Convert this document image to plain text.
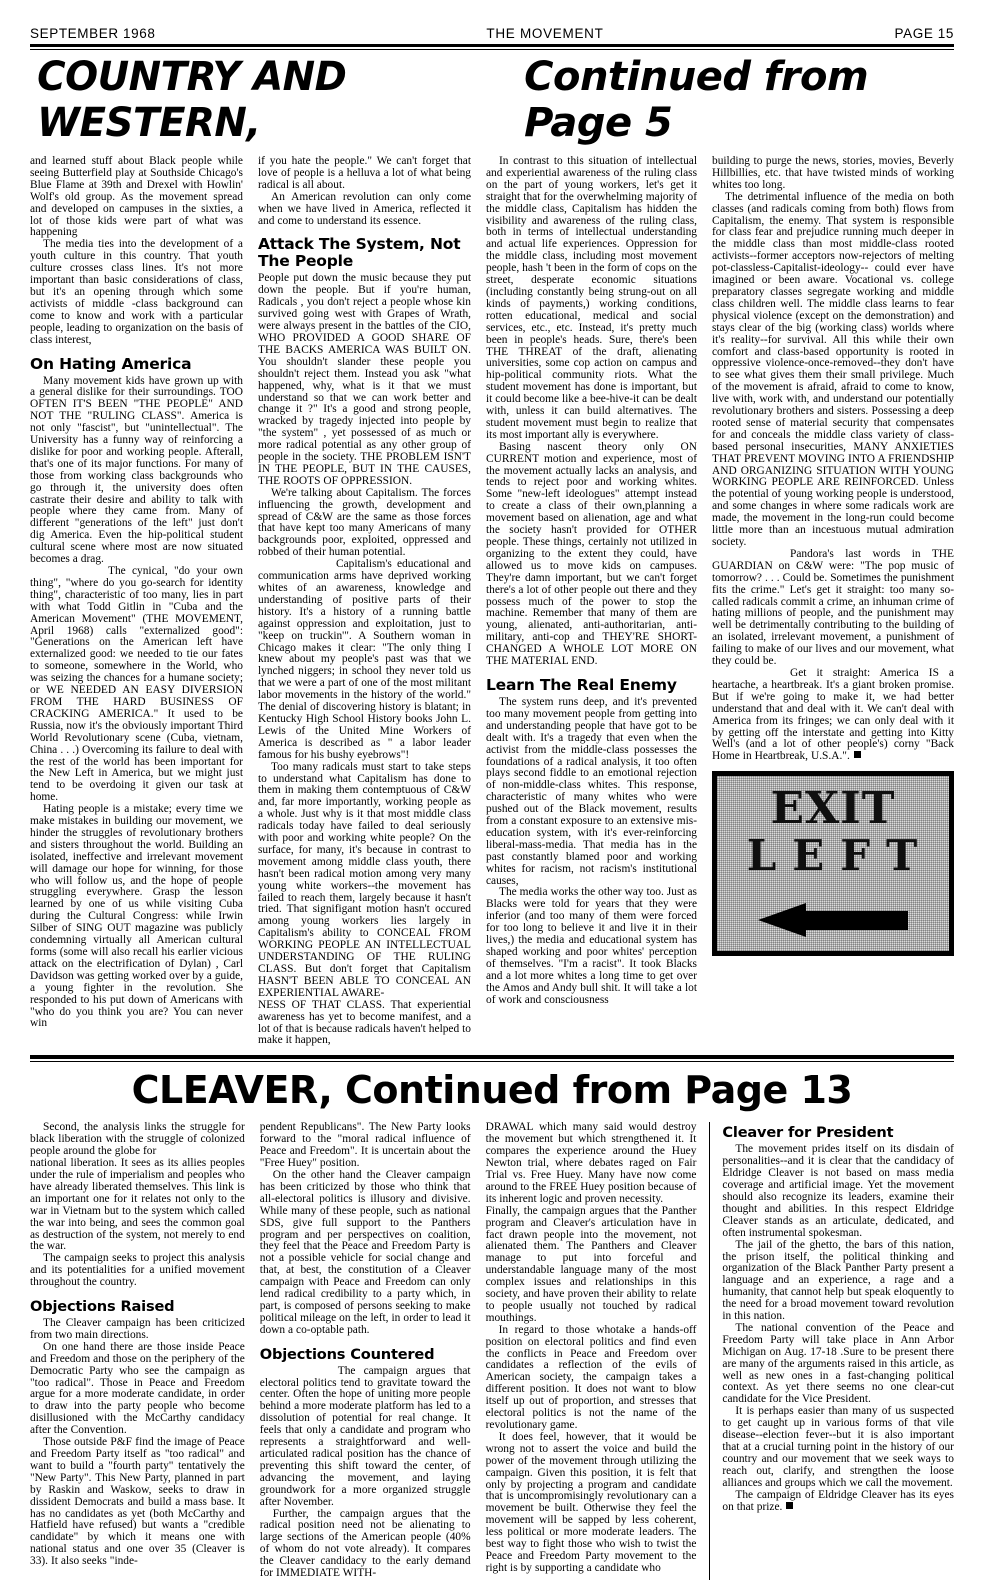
SEPTEMBER 1968	THE MOVEMENT	PAGE 15
COUNTRY AND WESTERN,
Continued from Page 5

and learned stuff about Black people while seeing Butterfield play at Southside Chicago's Blue Flame at 39th and Drexel with Howlin' Wolf's old group. As the movement spread and developed on campuses in the sixties, a lot of those kids were part of what was happening

The media ties into the development of a youth culture in this country. That youth culture crosses class lines. It's not more important than basic considerations of class, but it's an opening through which some activists of middle -class background can come to know and work with a particular people, leading to organization on the basis of class interest,

On Hating America

Many movement kids have grown up with a general dislike for their surroundings. TOO OFTEN IT'S BEEN "THE PEOPLE" AND NOT THE "RULING CLASS". America is not only "fascist", but "unintellectual". The University has a funny way of reinforcing a dislike for poor and working people. Afterall, that's one of its major functions. For many of those from working class backgrounds who go through it, the university does often castrate their desire and ability to talk with people where they came from. Many of different "generations of the left" just don't dig America. Even the hip-political student cultural scene where most are now situated becomes a drag.

The cynical, "do your own thing", "where do you go-search for identity thing", characteristic of too many, lies in part with what Todd Gitlin in "Cuba and the American Movement" (THE MOVEMENT, April 1968) calls "externalized good": "Generations on the American left have externalized good: we needed to tie our fates to someone, somewhere in the World, who was seizing the chances for a humane society; or WE NEEDED AN EASY DIVERSION FROM THE HARD BUSINESS OF CRACKING AMERICA." It used to be Russia, now it's the obviously important Third World Revolutionary scene (Cuba, vietnam, China . . .) Overcoming its failure to deal with the rest of the world has been important for the New Left in America, but we might just tend to be overdoing it given our task at home.

Hating people is a mistake; every time we make mistakes in building our movement, we hinder the struggles of revolutionary brothers and sisters throughout the world. Building an isolated, ineffective and irrelevant movement will damage our hope for winning, for those who will follow us, and the hope of people struggling everywhere. Grasp the lesson learned by one of us while visiting Cuba during the Cultural Congress: while Irwin Silber of SING OUT magazine was publicly condemning virtually all American cultural forms (some will also recall his earlier vicious attack on the electrification of Dylan) , Carl Davidson was getting worked over by a guide, a young fighter in the revolution. She responded to his put down of Americans with "who do you think you are? You can never win

if you hate the people." We can't forget that love of people is a helluva a lot of what being radical is all about.

An American revolution can only come when we have lived in America, reflected it and come to understand its essence.

Attack The System, Not The People

People put down the music because they put down the people. But if you're human, Radicals , you don't reject a people whose kin survived going west with Grapes of Wrath, were always present in the battles of the CIO, WHO PROVIDED A GOOD SHARE OF THE BACKS AMERICA WAS BUILT ON. You shouldn't slander these people you shouldn't reject them. Instead you ask "what happened, why, what is it that we must understand so that we can work better and change it ?" It's a good and strong people, wracked by tragedy injected into people by "the system" , yet possessed of as much or more radical potential as any other group of people in the society. THE PROBLEM ISN'T IN THE PEOPLE, BUT IN THE CAUSES, THE ROOTS OF OPPRESSION.

We're talking about Capitalism. The forces influencing the growth, development and spread of C&W are the same as those forces that have kept too many Americans of many backgrounds poor, exploited, oppressed and robbed of their human potential.

Capitalism's educational and communication arms have deprived working whites of an awareness, knowledge and understanding of positive parts of their history. It's a history of a running battle against oppression and exploitation, just to "keep on truckin'". A Southern woman in Chicago makes it clear: "The only thing I knew about my people's past was that we lynched niggers; in school they never told us that we were a part of one of the most militant labor movements in the history of the world." The denial of discovering history is blatant; in Kentucky High School History books John L. Lewis of the United Mine Workers of America is described as " a labor leader famous for his bushy eyebrows"!

Too many radicals must start to take steps to understand what Capitalism has done to them in making them contemptuous of C&W and, far more importantly, working people as a whole. Just why is it that most middle class radicals today have failed to deal seriously with poor and working white people? On the surface, for many, it's because in contrast to movement among middle class youth, there hasn't been radical motion among very many young white workers--the movement has failed to reach them, largely because it hasn't tried. That signifigant motion hasn't occured among young workers lies largely in Capitalism's ability to CONCEAL FROM WORKING PEOPLE AN INTELLECTUAL UNDERSTANDING OF THE RULING CLASS. But don't forget that Capitalism HASN'T BEEN ABLE TO CONCEAL AN EXPERIENTIAL AWARE-

NESS OF THAT CLASS. That experiential awareness has yet to become manifest, and a lot of that is because radicals haven't helped to make it happen,

In contrast to this situation of intellectual and experiential awareness of the ruling class on the part of young workers, let's get it straight that for the overwhelming majority of the middle class, Capitalism has hidden the visibility and awareness of the ruling class, both in terms of intellectual understanding and actual life experiences. Oppression for the middle class, including most movement people, hash 't been in the form of cops on the street, desperate economic situations (including constantly being strung-out on all kinds of payments,) working conditions, rotten educational, medical and social services, etc., etc. Instead, it's pretty much been in people's heads. Sure, there's been THE THREAT of the draft, alienating universities, some cop action on campus and hip-political community riots. What the student movement has done is important, but it could become like a bee-hive-it can be dealt with, unless it can build alternatives. The student movement must begin to realize that its most important ally is everywhere.

Basing nascent theory only ON CURRENT motion and experience, most of the movement actually lacks an analysis, and tends to reject poor and working whites. Some "new-left ideologues" attempt instead to create a class of their own,planning a movement based on alienation, age and what the society hasn't provided for OTHER people. These things, certainly not utilized in organizing to the extent they could, have allowed us to move kids on campuses. They're damn important, but we can't forget there's a lot of other people out there and they possess much of the power to stop the machine. Remember that many of them are young, alienated, anti-authoritarian, anti-military, anti-cop and THEY'RE SHORT-CHANGED A WHOLE LOT MORE ON THE MATERIAL END.

Learn The Real Enemy

The system runs deep, and it's prevented too many movement people from getting into and understanding people that have got to be dealt with. It's a tragedy that even when the activist from the middle-class possesses the foundations of a radical analysis, it too often plays second fiddle to an emotional rejection of non-middle-class whites. This response, characteristic of many whites who were pushed out of the Black movement, results from a constant exposure to an extensive mis-education system, with it's ever-reinforcing liberal-mass-media. That media has in the past constantly blamed poor and working whites for racism, not racism's institutional causes,

The media works the other way too. Just as Blacks were told for years that they were inferior (and too many of them were forced for too long to believe it and live it in their lives,) the media and educational system has shaped working and poor whites' perception of themselves. "I'm a racist". It took Blacks and a lot more whites a long time to get over the Amos and Andy bull shit. It will take a lot of work and consciousness

building to purge the news, stories, movies, Beverly Hillbillies, etc. that have twisted minds of working whites too long.

The detrimental influence of the media on both classes (and radicals coming from both) flows from Capitalism, the enemy. That system is responsible for class fear and prejudice running much deeper in the middle class than most middle-class rooted activists--former acceptors now-rejectors of melting pot-classless-Capitalist-ideology-- could ever have imagined or been aware. Vocational vs. college preparatory classes segregate working and middle class children well. The middle class learns to fear physical violence (except on the demonstration) and stays clear of the big (working class) worlds where it's reality--for survival. All this while their own comfort and class-based opportunity is rooted in oppressive violence-once-removed--they don't have to see what gives them their small privilege. Much of the movement is afraid, afraid to come to know, live with, work with, and understand our potentially revolutionary brothers and sisters. Possessing a deep rooted sense of material security that compensates for and conceals the middle class variety of class-based personal insecurities, MANY ANXIETIES THAT PREVENT MOVING INTO A FRIENDSHIP AND ORGANIZING SITUATION WITH YOUNG WORKING PEOPLE ARE REINFORCED. Unless the potential of young working people is understood, and some changes in where some radicals work are made, the movement in the long-run could become little more than an incestuous mutual admiration society.

Pandora's last words in THE GUARDIAN on C&W were: "The pop music of tomorrow? . . . Could be. Sometimes the punishment fits the crime." Let's get it straight: too many so-called radicals commit a crime, an inhuman crime of hating millions of people, and the punishment may well be detrimentally contributing to the building of an isolated, irrelevant movement, a punishment of failing to make of our lives and our movement, what they could be.

Get it straight: America IS a heartache, a heartbreak. It's a giant broken promise. But if we're going to make it, we had better understand that and deal with it. We can't deal with America from its fringes; we can only deal with it by getting off the interstate and getting into Kitty Well's (and a lot of other people's) corny "Back Home in Heartbreak, U.S.A.".

EXIT
LEFT
CLEAVER, Continued from Page 13

Second, the analysis links the struggle for black liberation with the struggle of colonized people around the globe for

national liberation. It sees as its allies peoples under the rule of imperialism and peoples who have already liberated themselves. This link is an important one for it relates not only to the war in Vietnam but to the system which called the war into being, and sees the common goal as destruction of the system, not merely to end the war.

The campaign seeks to project this analysis and its potentialities for a unified movement throughout the country.

Objections Raised

The Cleaver campaign has been criticized from two main directions.

On one hand there are those inside Peace and Freedom and those on the periphery of the Democratic Party who see the campaign as "too radical". Those in Peace and Freedom argue for a more moderate candidate, in order to draw into the party people who become disillusioned with the McCarthy candidacy after the Convention.

Those outside P&F find the image of Peace and Freedom Party itself as "too radical" and want to build a "fourth party" tentatively the "New Party". This New Party, planned in part by Raskin and Waskow, seeks to draw in dissident Democrats and build a mass base. It has no candidates as yet (both McCarthy and Hatfield have refused) but wants a "credible candidate" by which it means one with national status and one over 35 (Cleaver is 33). It also seeks "inde-

pendent Republicans". The New Party looks forward to the "moral radical influence of Peace and Freedom". It is uncertain about the "Free Huey" position.

On the other hand the Cleaver campaign has been criticized by those who think that all-electoral politics is illusory and divisive. While many of these people, such as national SDS, give full support to the Panthers program and per perspectives on coalition, they feel that the Peace and Freedom Party is not a possible vehicle for social change and that, at best, the constitution of a Cleaver campaign with Peace and Freedom can only lend radical credibility to a party which, in part, is composed of persons seeking to make political mileage on the left, in order to lead it down a co-optable path.

Objections Countered

The campaign argues that electoral politics tend to gravitate toward the center. Often the hope of uniting more people behind a more moderate platform has led to a dissolution of potential for real change. It feels that only a candidate and program who represents a straightforward and well-articulated radical position has the chance of preventing this shift toward the center, of advancing the movement, and laying groundwork for a more organized struggle after November.

Further, the campaign argues that the radical position need not be alienating to large sections of the American people (40% of whom do not vote already). It compares the Cleaver candidacy to the early demand for IMMEDIATE WITH-

DRAWAL which many said would destroy the movement but which strengthened it. It compares the experience around the Huey Newton trial, where debates raged on Fair Trial vs. Free Huey. Many have now come around to the FREE Huey position because of its inherent logic and proven necessity.

Finally, the campaign argues that the Panther program and Cleaver's articulation have in fact drawn people into the movement, not alienated them. The Panthers and Cleaver manage to put into forceful and understandable language many of the most complex issues and relationships in this society, and have proven their ability to relate to people usually not touched by radical mouthings.

In regard to those whotake a hands-off position on electoral politics and find even the conflicts in Peace and Freedom over candidates a reflection of the evils of American society, the campaign takes a different position. It does not want to blow itself up out of proportion, and stresses that electoral politics is not the name of the revolutionary game.

It does feel, however, that it would be wrong not to assert the voice and build the power of the movement through utilizing the campaign. Given this position, it is felt that only by projecting a program and candidate that is uncompromisingly revolutionary can a movement be built. Otherwise they feel the movement will be sapped by less coherent, less political or more moderate leaders. The best way to fight those who wish to twist the Peace and Freedom Party movement to the right is by supporting a candidate who

Cleaver for President

The movement prides itself on its disdain of personalities--and it is clear that the candidacy of Eldridge Cleaver is not based on mass media coverage and artificial image. Yet the movement should also recognize its leaders, examine their thought and abilities. In this respect Eldridge Cleaver stands as an articulate, dedicated, and often instrumental spokesman.

The jail of the ghetto, the bars of this nation, the prison itself, the political thinking and organization of the Black Panther Party present a language and an experience, a rage and a humanity, that cannot help but speak eloquently to the need for a broad movement toward revolution in this nation.

The national convention of the Peace and Freedom Party will take place in Ann Arbor Michigan on Aug. 17-18 .Sure to be present there are many of the arguments raised in this article, as well as new ones in a fast-changing political context. As yet there seems no one clear-cut candidate for the Vice President.

It is perhaps easier than many of us suspected to get caught up in various forms of that vile disease--election fever--but it is also important that at a crucial turning point in the history of our country and our movement that we seek ways to reach out, clarify, and strengthen the loose alliances and groups which we call the movement.

The campaign of Eldridge Cleaver has its eyes on that prize.
